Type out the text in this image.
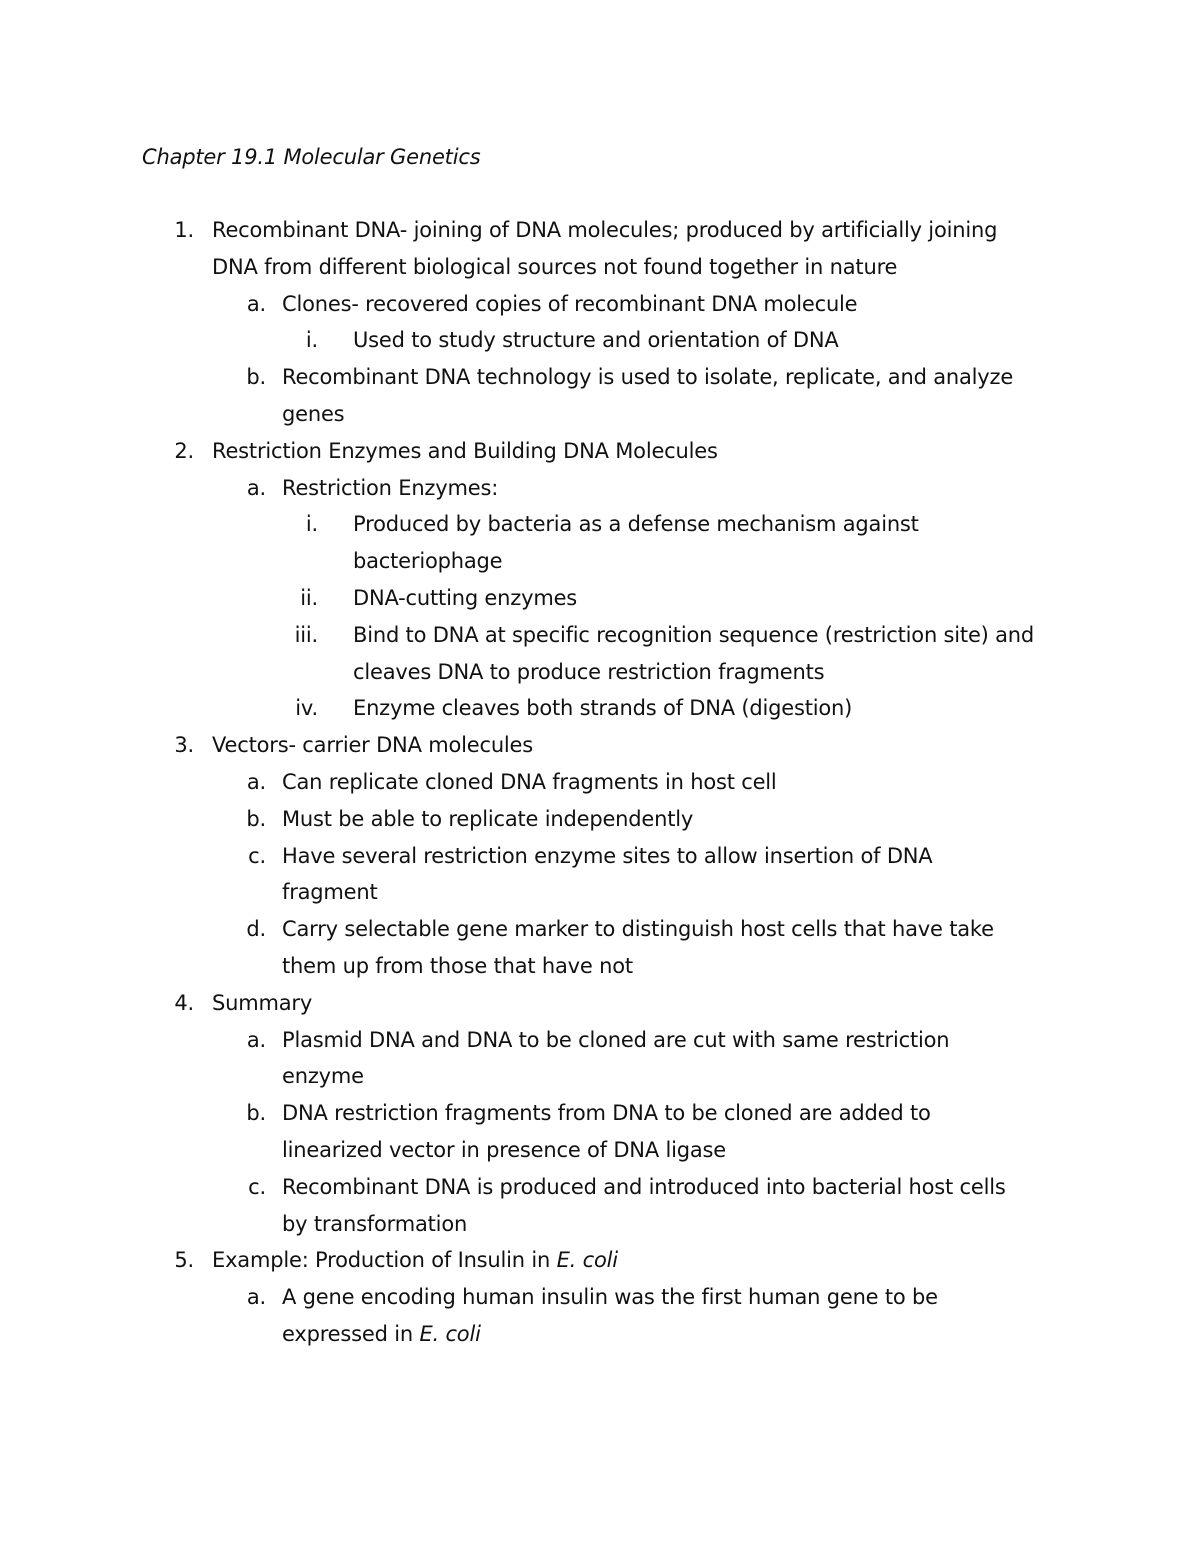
Chapter 19.1 Molecular Genetics
1. Recombinant DNA- joining of DNA molecules; produced by artificially joining
DNA from different biological sources not found together in nature
a. Clones- recovered copies of recombinant DNA molecule
i. Used to study structure and orientation of DNA
b. Recombinant DNA technology is used to isolate, replicate, and analyze
genes
2. Restriction Enzymes and Building DNA Molecules
a. Restriction Enzymes:
i. Produced by bacteria as a defense mechanism against
bacteriophage
ii. DNA-cutting enzymes
iii. Bind to DNA at specific recognition sequence (restriction site) and
cleaves DNA to produce restriction fragments
iv. Enzyme cleaves both strands of DNA (digestion)
3. Vectors- carrier DNA molecules
a. Can replicate cloned DNA fragments in host cell
b. Must be able to replicate independently
c. Have several restriction enzyme sites to allow insertion of DNA
fragment
d. Carry selectable gene marker to distinguish host cells that have take
them up from those that have not
4. Summary
a. Plasmid DNA and DNA to be cloned are cut with same restriction
enzyme
b. DNA restriction fragments from DNA to be cloned are added to
linearized vector in presence of DNA ligase
c. Recombinant DNA is produced and introduced into bacterial host cells
by transformation
5. Example: Production of Insulin in E. coli
a. A gene encoding human insulin was the first human gene to be
expressed in E. coli
